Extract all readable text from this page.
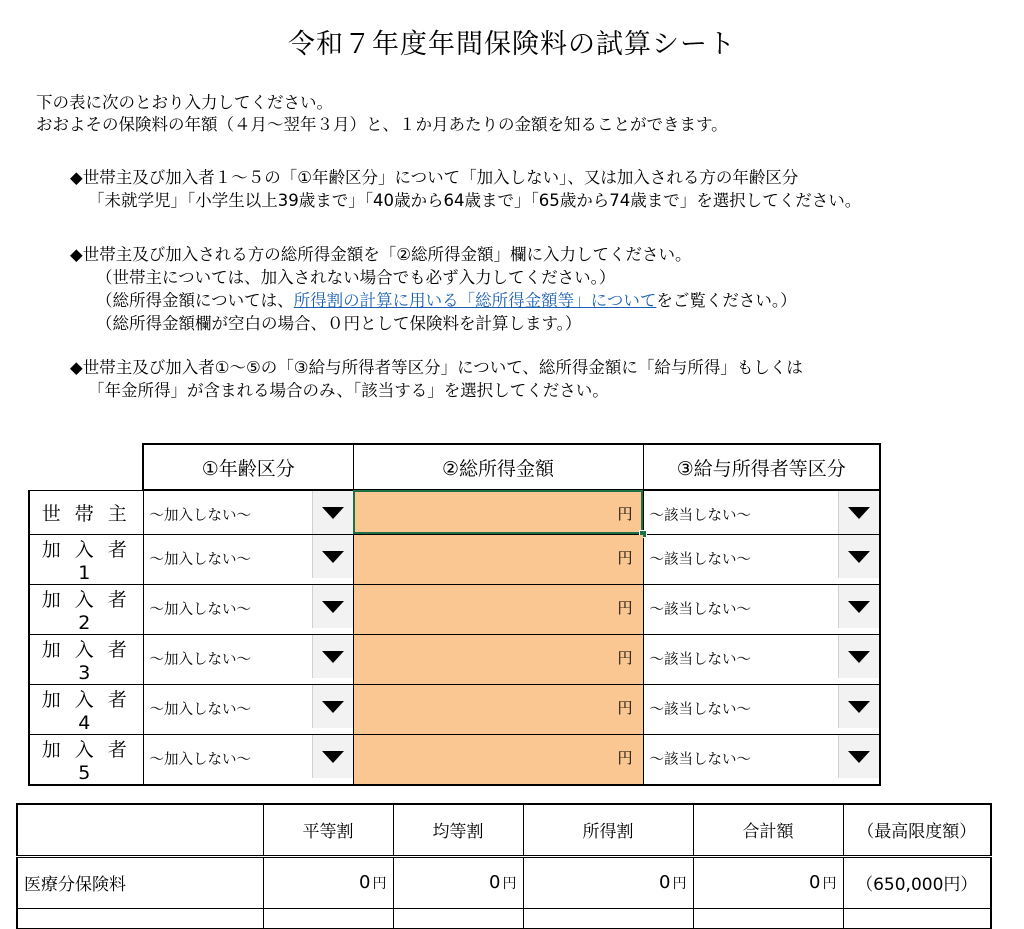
令和７年度年間保険料の試算シート
下の表に次のとおり入力してください。
おおよその保険料の年額（４月～翌年３月）と、１か月あたりの金額を知ることができます。
◆世帯主及び加入者１～５の「①年齢区分」について「加入しない」、又は加入される方の年齢区分
「未就学児」「小学生以上39歳まで」「40歳から64歳まで」「65歳から74歳まで」を選択してください。
◆世帯主及び加入される方の総所得金額を「②総所得金額」欄に入力してください。
（世帯主については、加入されない場合でも必ず入力してください。）
（総所得金額については、所得割の計算に用いる「総所得金額等」についてをご覧ください。）
（総所得金額欄が空白の場合、０円として保険料を計算します。）
◆世帯主及び加入者①～⑤の「③給与所得者等区分」について、総所得金額に「給与所得」もしくは
「年金所得」が含まれる場合のみ、「該当する」を選択してください。
	①年齢区分	②総所得金額	③給与所得者等区分
世 帯 主	～加入しない～	円	～該当しない～

加 入 者 1	～加入しない～	円	～該当しない～

加 入 者 2	～加入しない～	円	～該当しない～

加 入 者 3	～加入しない～	円	～該当しない～

加 入 者 4	～加入しない～	円	～該当しない～

加 入 者 5	～加入しない～	円	～該当しない～
	平等割	均等割	所得割	合計額	（最高限度額）
医療分保険料	0 円	0 円	0 円	0 円	（650,000円）
